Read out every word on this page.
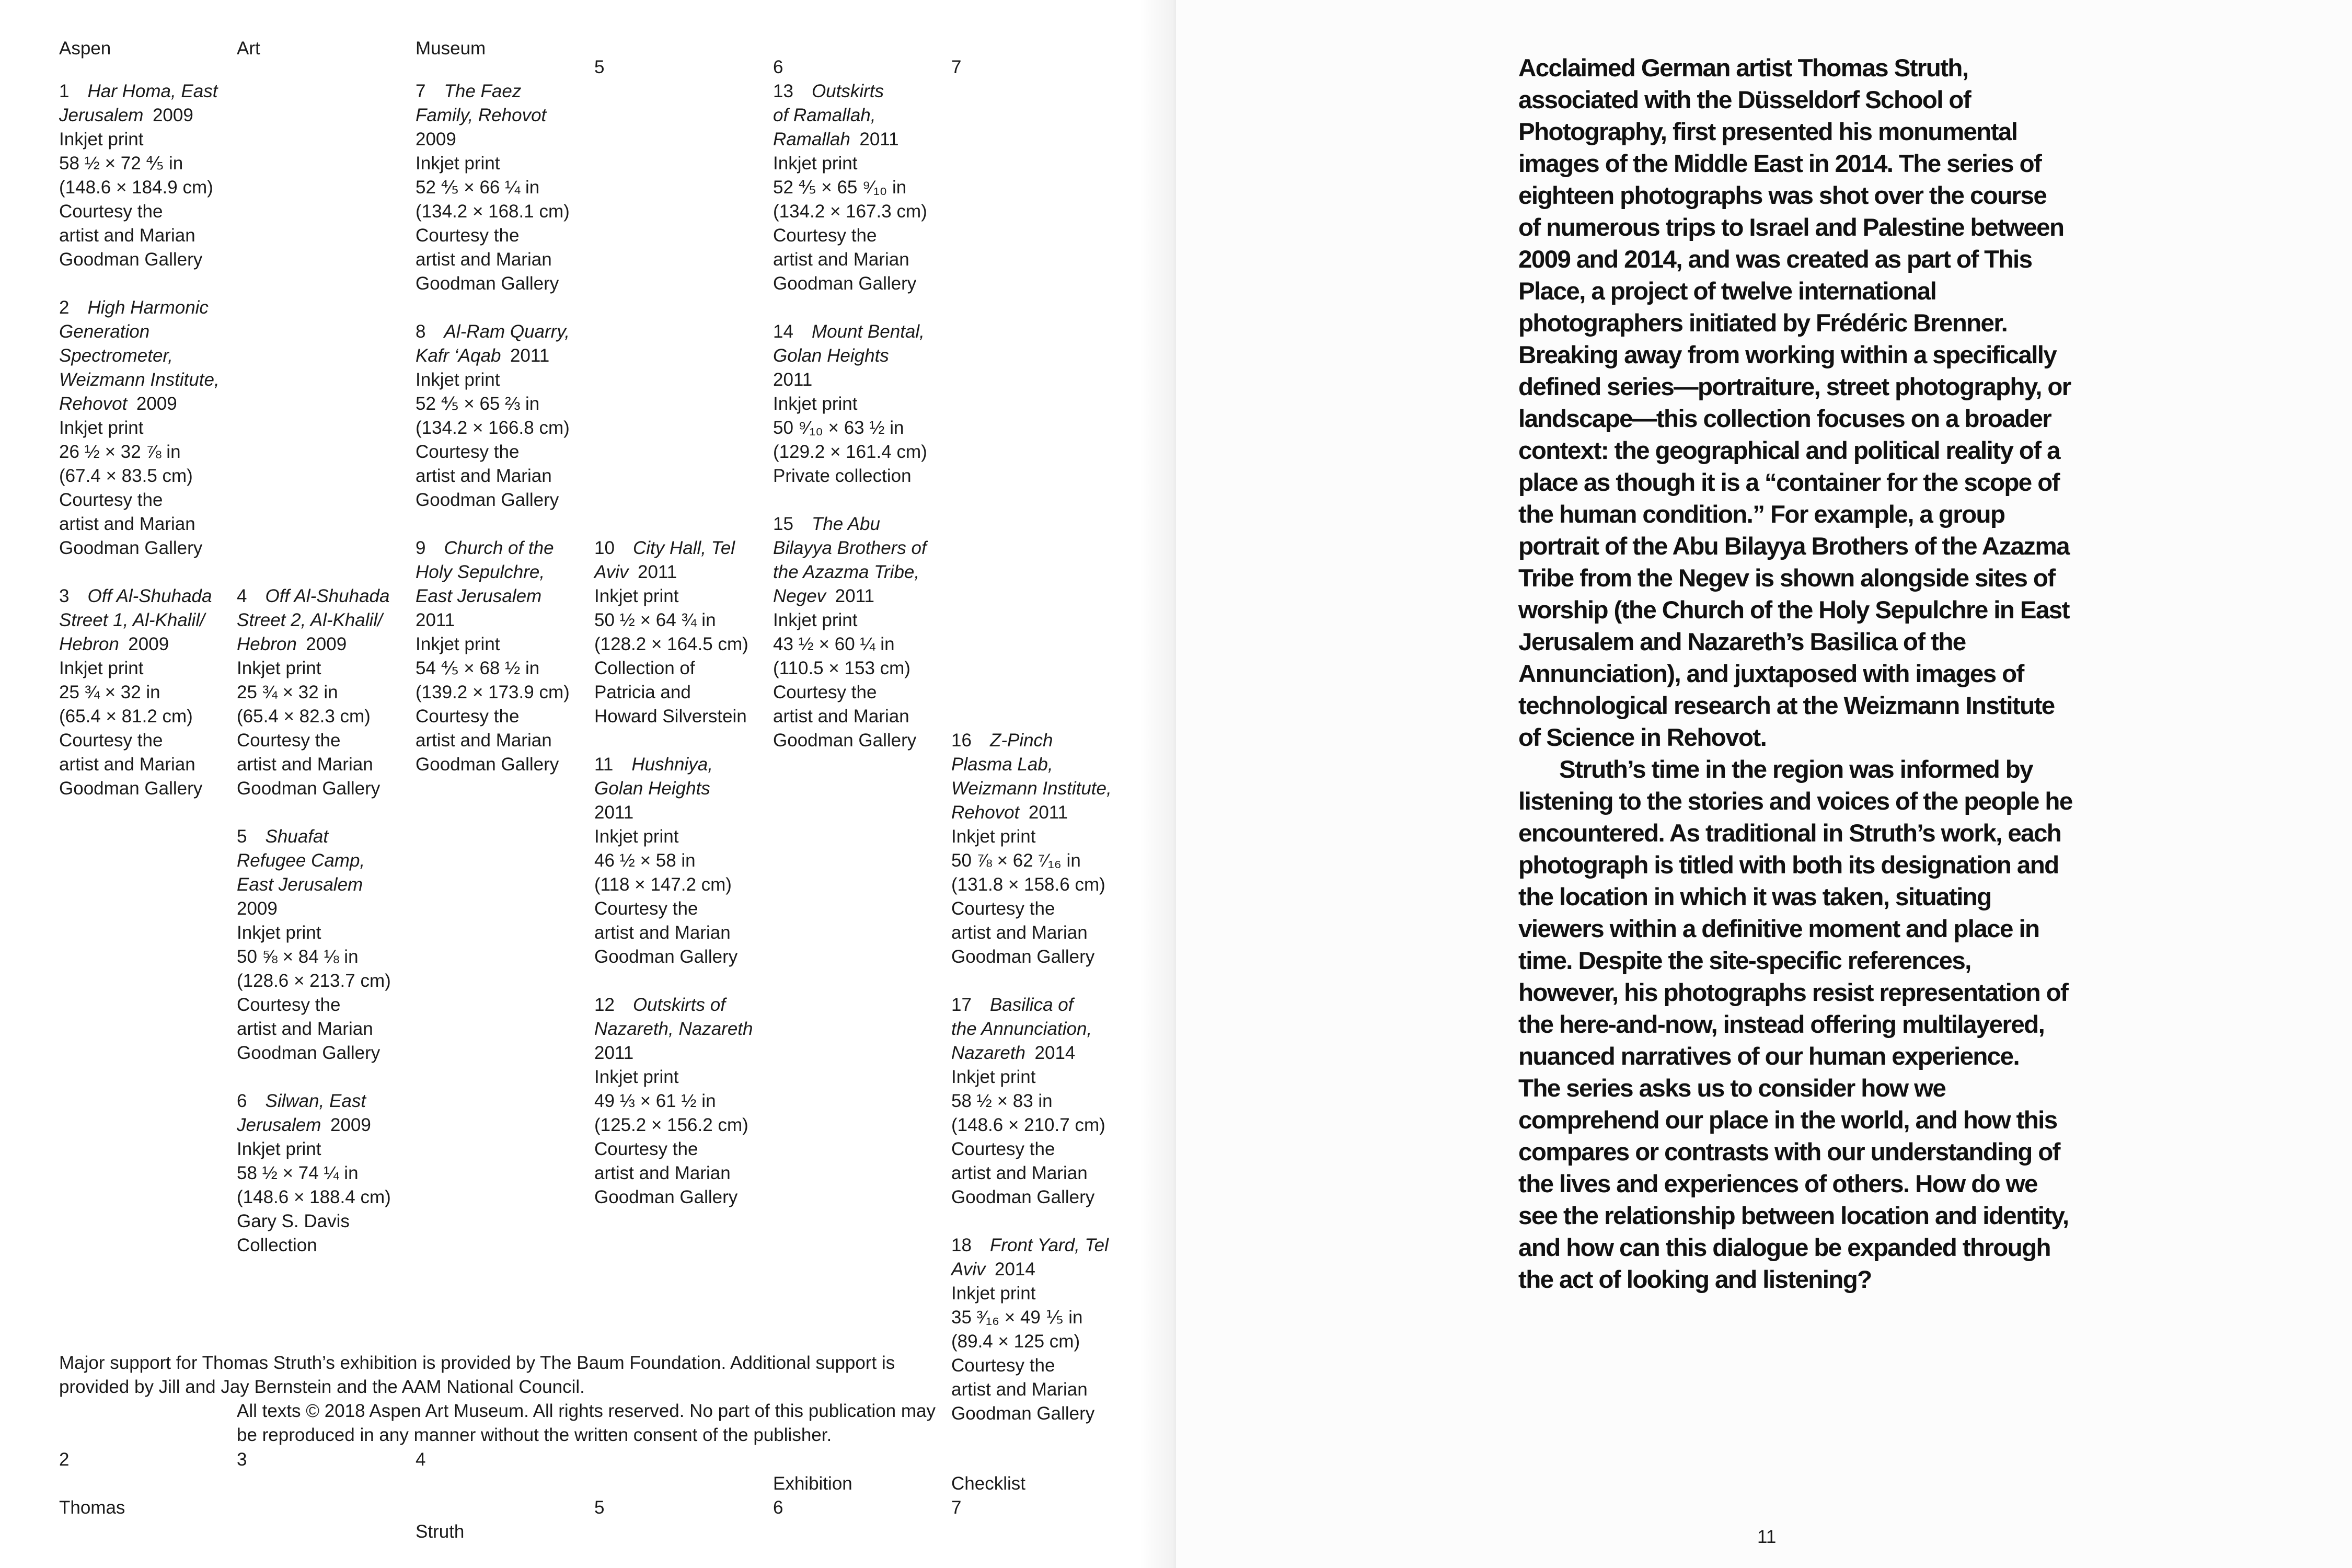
Aspen	Art	Museum

5	6	7

1  Har Homa, East
Jerusalem  2009
Inkjet print
58 ½ × 72 ⅘ in
(148.6 × 184.9 cm)
Courtesy the
artist and Marian
Goodman Gallery
2  High Harmonic
Generation
Spectrometer,
Weizmann Institute,
Rehovot  2009
Inkjet print
26 ½ × 32 ⅞ in
(67.4 × 83.5 cm)
Courtesy the
artist and Marian
Goodman Gallery
3  Off Al-Shuhada
Street 1, Al-Khalil/
Hebron  2009
Inkjet print
25 ¾ × 32 in
(65.4 × 81.2 cm)
Courtesy the
artist and Marian
Goodman Gallery
4  Off Al-Shuhada
Street 2, Al-Khalil/
Hebron  2009
Inkjet print
25 ¾ × 32 in
(65.4 × 82.3 cm)
Courtesy the
artist and Marian
Goodman Gallery
5  Shuafat
Refugee Camp,
East Jerusalem
2009
Inkjet print
50 ⅝ × 84 ⅛ in
(128.6 × 213.7 cm)
Courtesy the
artist and Marian
Goodman Gallery
6  Silwan, East
Jerusalem  2009
Inkjet print
58 ½ × 74 ¼ in
(148.6 × 188.4 cm)
Gary S. Davis
Collection
7  The Faez
Family, Rehovot
2009
Inkjet print
52 ⅘ × 66 ¼ in
(134.2 × 168.1 cm)
Courtesy the
artist and Marian
Goodman Gallery
8  Al-Ram Quarry,
Kafr ‘Aqab  2011
Inkjet print
52 ⅘ × 65 ⅔ in
(134.2 × 166.8 cm)
Courtesy the
artist and Marian
Goodman Gallery
9  Church of the
Holy Sepulchre,
East Jerusalem
2011
Inkjet print
54 ⅘ × 68 ½ in
(139.2 × 173.9 cm)
Courtesy the
artist and Marian
Goodman Gallery
10  City Hall, Tel
Aviv  2011
Inkjet print
50 ½ × 64 ¾ in
(128.2 × 164.5 cm)
Collection of
Patricia and
Howard Silverstein
11  Hushniya,
Golan Heights
2011
Inkjet print
46 ½ × 58 in
(118 × 147.2 cm)
Courtesy the
artist and Marian
Goodman Gallery
12  Outskirts of
Nazareth, Nazareth
2011
Inkjet print
49 ⅓ × 61 ½ in
(125.2 × 156.2 cm)
Courtesy the
artist and Marian
Goodman Gallery
13  Outskirts
of Ramallah,
Ramallah  2011
Inkjet print
52 ⅘ × 65 ⁹⁄₁₀ in
(134.2 × 167.3 cm)
Courtesy the
artist and Marian
Goodman Gallery
14  Mount Bental,
Golan Heights
2011
Inkjet print
50 ⁹⁄₁₀ × 63 ½ in
(129.2 × 161.4 cm)
Private collection
15  The Abu
Bilayya Brothers of
the Azazma Tribe,
Negev  2011
Inkjet print
43 ½ × 60 ¼ in
(110.5 × 153 cm)
Courtesy the
artist and Marian
Goodman Gallery	16  Z-Pinch
Plasma Lab,
Weizmann Institute,
Rehovot  2011
Inkjet print
50 ⅞ × 62 ⁷⁄₁₆ in
(131.8 × 158.6 cm)
Courtesy the
artist and Marian
Goodman Gallery
17  Basilica of
the Annunciation,
Nazareth  2014
Inkjet print
58 ½ × 83 in
(148.6 × 210.7 cm)
Courtesy the
artist and Marian
Goodman Gallery
18  Front Yard, Tel
Aviv  2014
Inkjet print
35 ³⁄₁₆ × 49 ⅕ in
(89.4 × 125 cm)
Courtesy the
artist and Marian
Goodman Gallery

Major support for Thomas Struth’s exhibition is provided by The Baum Foundation. Additional support is provided by Jill and Jay Bernstein and the AAM National Council.

All texts © 2018 Aspen Art Museum. All rights reserved. No part of this publication may be reproduced in any manner without the written consent of the publisher.

2	3	4

Exhibition	Checklist

Thomas	5	6	7

Struth

Acclaimed German artist Thomas Struth, associated with the Düsseldorf School of Photography, first presented his monumental images of the Middle East in 2014. The series of eighteen photographs was shot over the course of numerous trips to Israel and Palestine between 2009 and 2014, and was created as part of This Place, a project of twelve international photographers initiated by Frédéric Brenner. Breaking away from working within a specifically defined series—portraiture, street photography, or landscape—this collection focuses on a broader context: the geographical and political reality of a place as though it is a “container for the scope of the human condition.” For example, a group portrait of the Abu Bilayya Brothers of the Azazma Tribe from the Negev is shown alongside sites of worship (the Church of the Holy Sepulchre in East Jerusalem and Nazareth’s Basilica of the Annunciation), and juxtaposed with images of technological research at the Weizmann Institute of Science in Rehovot.

Struth’s time in the region was informed by listening to the stories and voices of the people he encountered. As traditional in Struth’s work, each photograph is titled with both its designation and the location in which it was taken, situating viewers within a definitive moment and place in time. Despite the site-specific references, however, his photographs resist representation of the here-and-now, instead offering multilayered, nuanced narratives of our human experience.

The series asks us to consider how we comprehend our place in the world, and how this compares or contrasts with our understanding of the lives and experiences of others. How do we see the relationship between location and identity, and how can this dialogue be expanded through the act of looking and listening?

11
